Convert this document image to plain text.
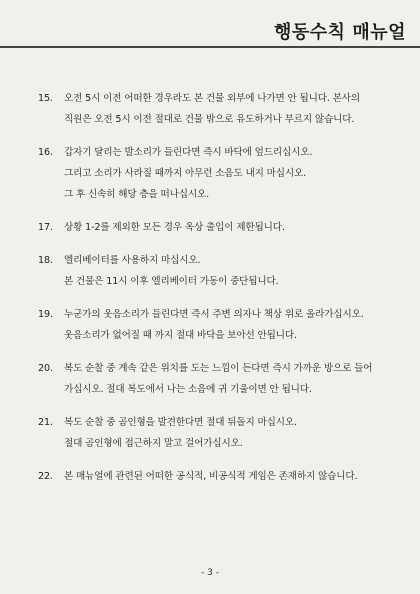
행동수칙 매뉴얼
15.	오전 5시 이전 어떠한 경우라도 본 건물 외부에 나가면 안 됩니다. 본사의
직원은 오전 5시 이전 절대로 건물 밖으로 유도하거나 부르지 않습니다.
16.	갑자기 달리는 발소리가 들린다면 즉시 바닥에 엎드리십시오.
그리고 소리가 사라질 때까지 아무런 소음도 내지 마십시오.
그 후 신속히 해당 층을 떠나십시오.
17.	상황 1-2를 제외한 모든 경우 옥상 출입이 제한됩니다.
18.	엘리베이터를 사용하지 마십시오.
본 건물은 11시 이후 엘리베이터 가동이 중단됩니다.
19.	누군가의 웃음소리가 들린다면 즉시 주변 의자나 책상 위로 올라가십시오.
웃음소리가 없어질 때 까지 절대 바닥을 보아선 안됩니다.
20.	복도 순찰 중 계속 같은 위치를 도는 느낌이 든다면 즉시 가까운 방으로 들어
가십시오. 절대 복도에서 나는 소음에 귀 기울이면 안 됩니다.
21.	복도 순찰 중 곰인형을 발견한다면 절대 뒤돌지 마십시오.
절대 곰인형에 접근하지 말고 걸어가십시오.
22.	본 매뉴얼에 관련된 어떠한 공식적, 비공식적 게임은 존재하지 않습니다.
- 3 -
